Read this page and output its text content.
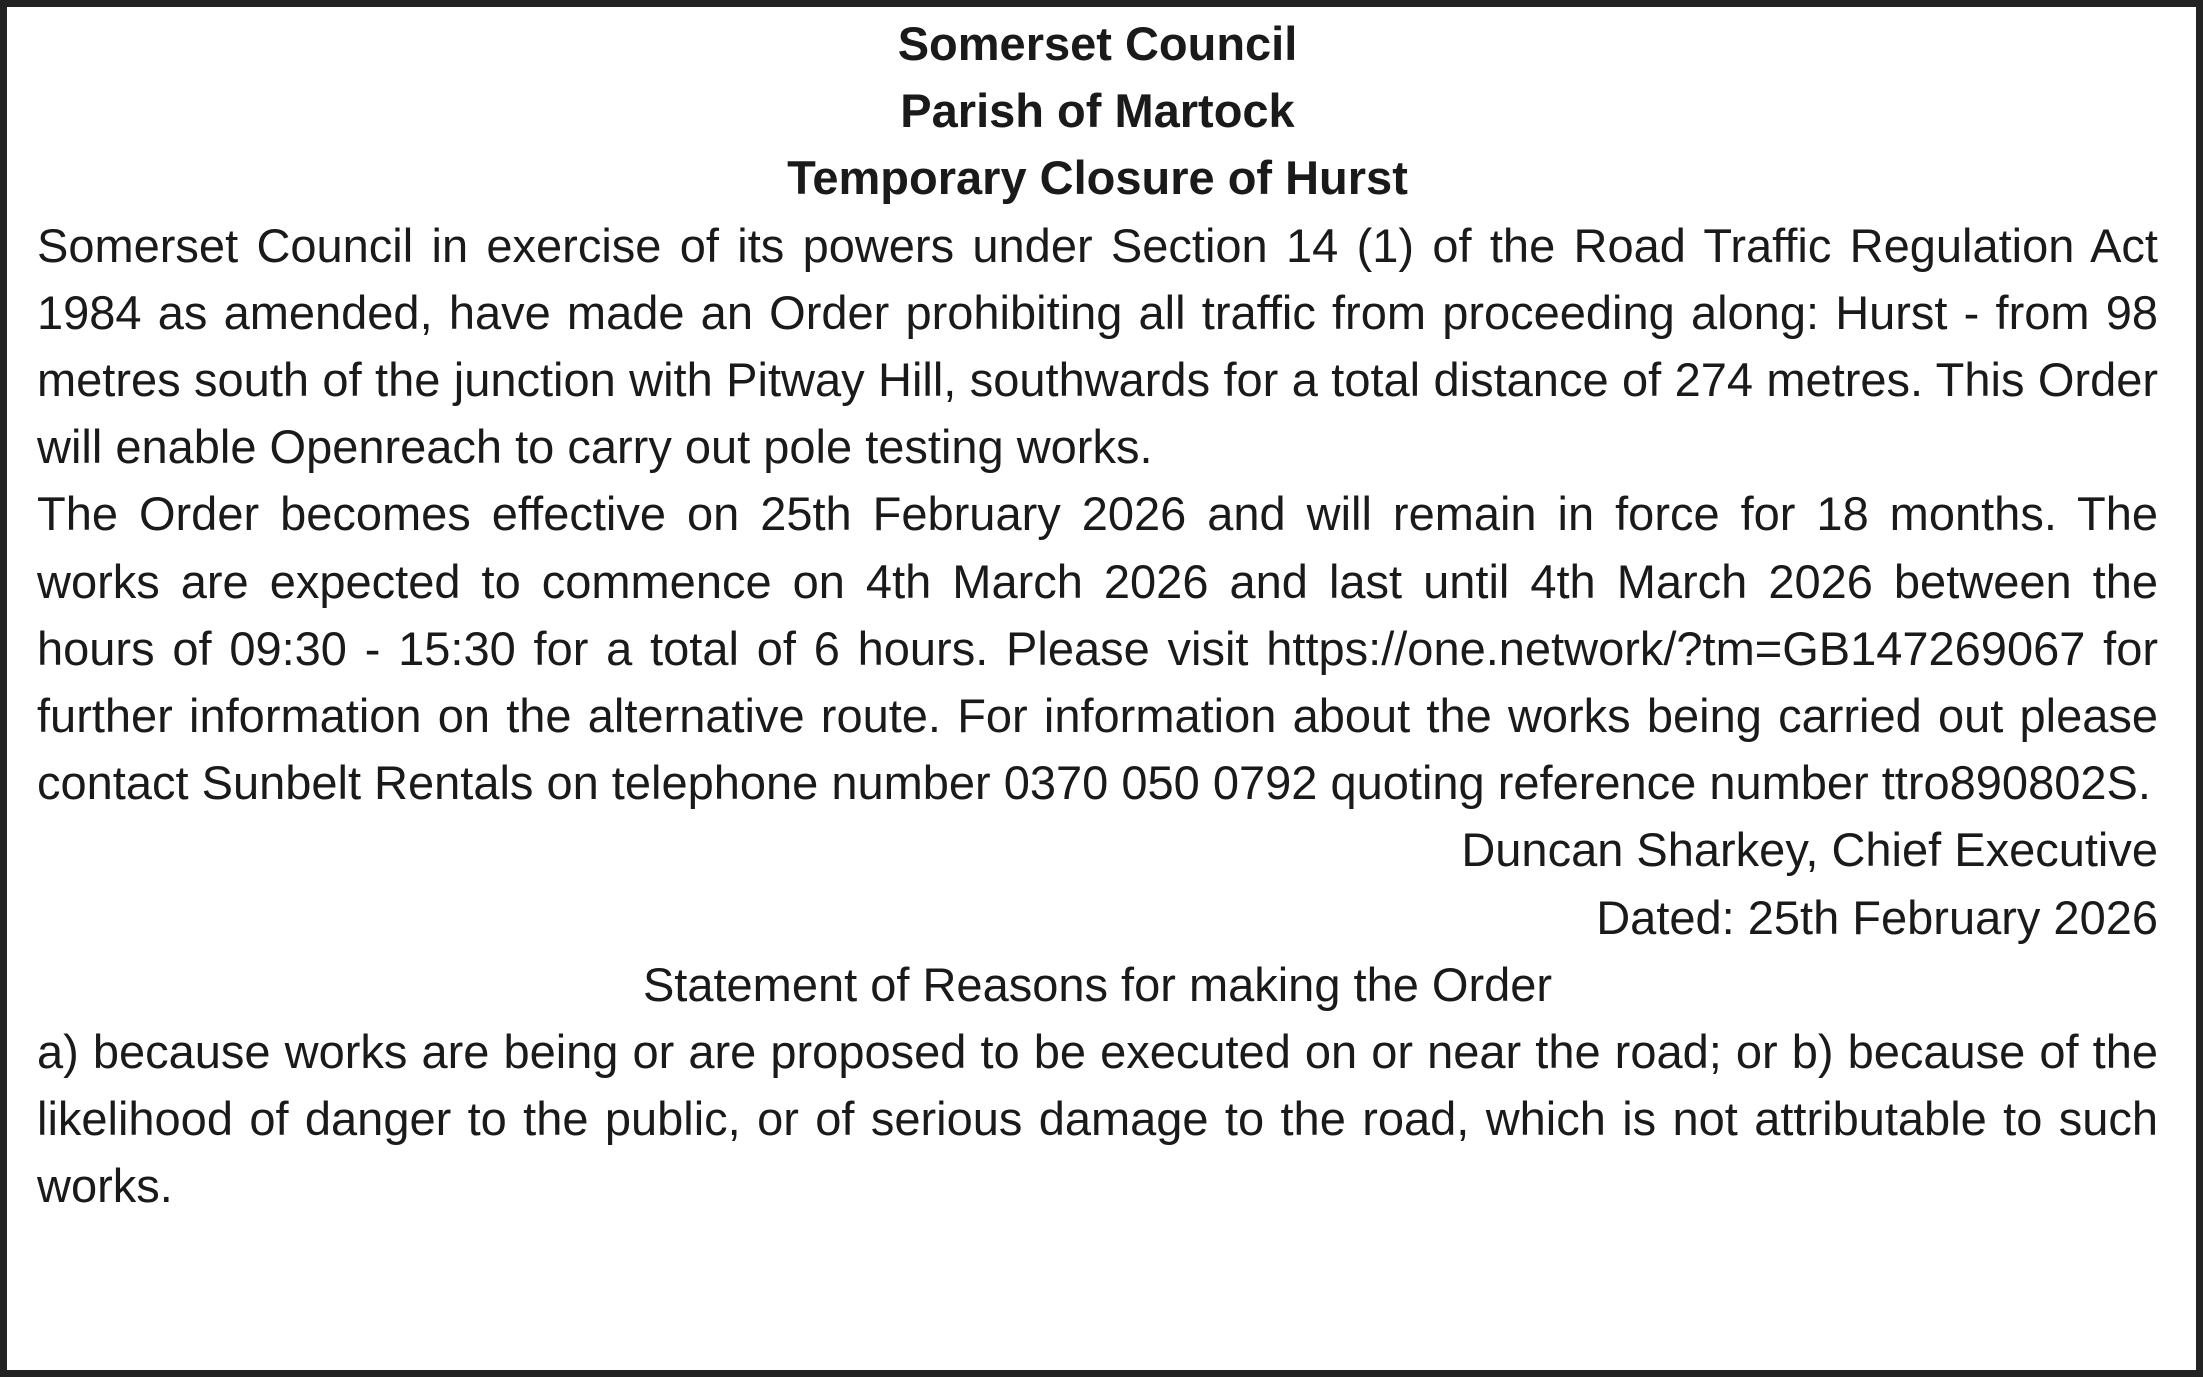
Somerset Council

Parish of Martock

Temporary Closure of Hurst

Somerset Council in exercise of its powers under Section 14 (1) of the Road Traffic Regulation Act 1984 as amended, have made an Order prohibiting all traffic from proceeding along: Hurst - from 98 metres south of the junction with Pitway Hill, southwards for a total distance of 274 metres. This Order will enable Openreach to carry out pole testing works.

The Order becomes effective on 25th February 2026 and will remain in force for 18 months. The works are expected to commence on 4th March 2026 and last until 4th March 2026 between the hours of 09:30 - 15:30 for a total of 6 hours. Please visit https://one.network/?tm=GB147269067 for further information on the alternative route. For information about the works being carried out please contact Sunbelt Rentals on telephone number 0370 050 0792 quoting reference number ttro890802S.

Duncan Sharkey, Chief Executive

Dated: 25th February 2026

Statement of Reasons for making the Order

a) because works are being or are proposed to be executed on or near the road; or b) because of the likelihood of danger to the public, or of serious damage to the road, which is not attributable to such works.
